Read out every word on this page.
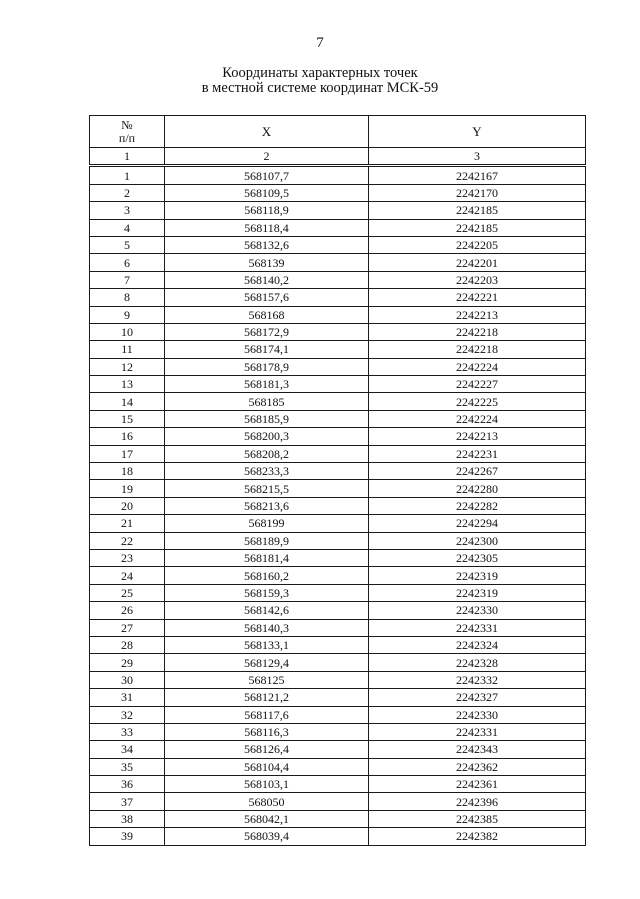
7
Координаты характерных точек
в местной системе координат МСК-59
№
п/п	X	Y
1	2	3
1	568107,7	2242167
2	568109,5	2242170
3	568118,9	2242185
4	568118,4	2242185
5	568132,6	2242205
6	568139	2242201
7	568140,2	2242203
8	568157,6	2242221
9	568168	2242213
10	568172,9	2242218
11	568174,1	2242218
12	568178,9	2242224
13	568181,3	2242227
14	568185	2242225
15	568185,9	2242224
16	568200,3	2242213
17	568208,2	2242231
18	568233,3	2242267
19	568215,5	2242280
20	568213,6	2242282
21	568199	2242294
22	568189,9	2242300
23	568181,4	2242305
24	568160,2	2242319
25	568159,3	2242319
26	568142,6	2242330
27	568140,3	2242331
28	568133,1	2242324
29	568129,4	2242328
30	568125	2242332
31	568121,2	2242327
32	568117,6	2242330
33	568116,3	2242331
34	568126,4	2242343
35	568104,4	2242362
36	568103,1	2242361
37	568050	2242396
38	568042,1	2242385
39	568039,4	2242382
